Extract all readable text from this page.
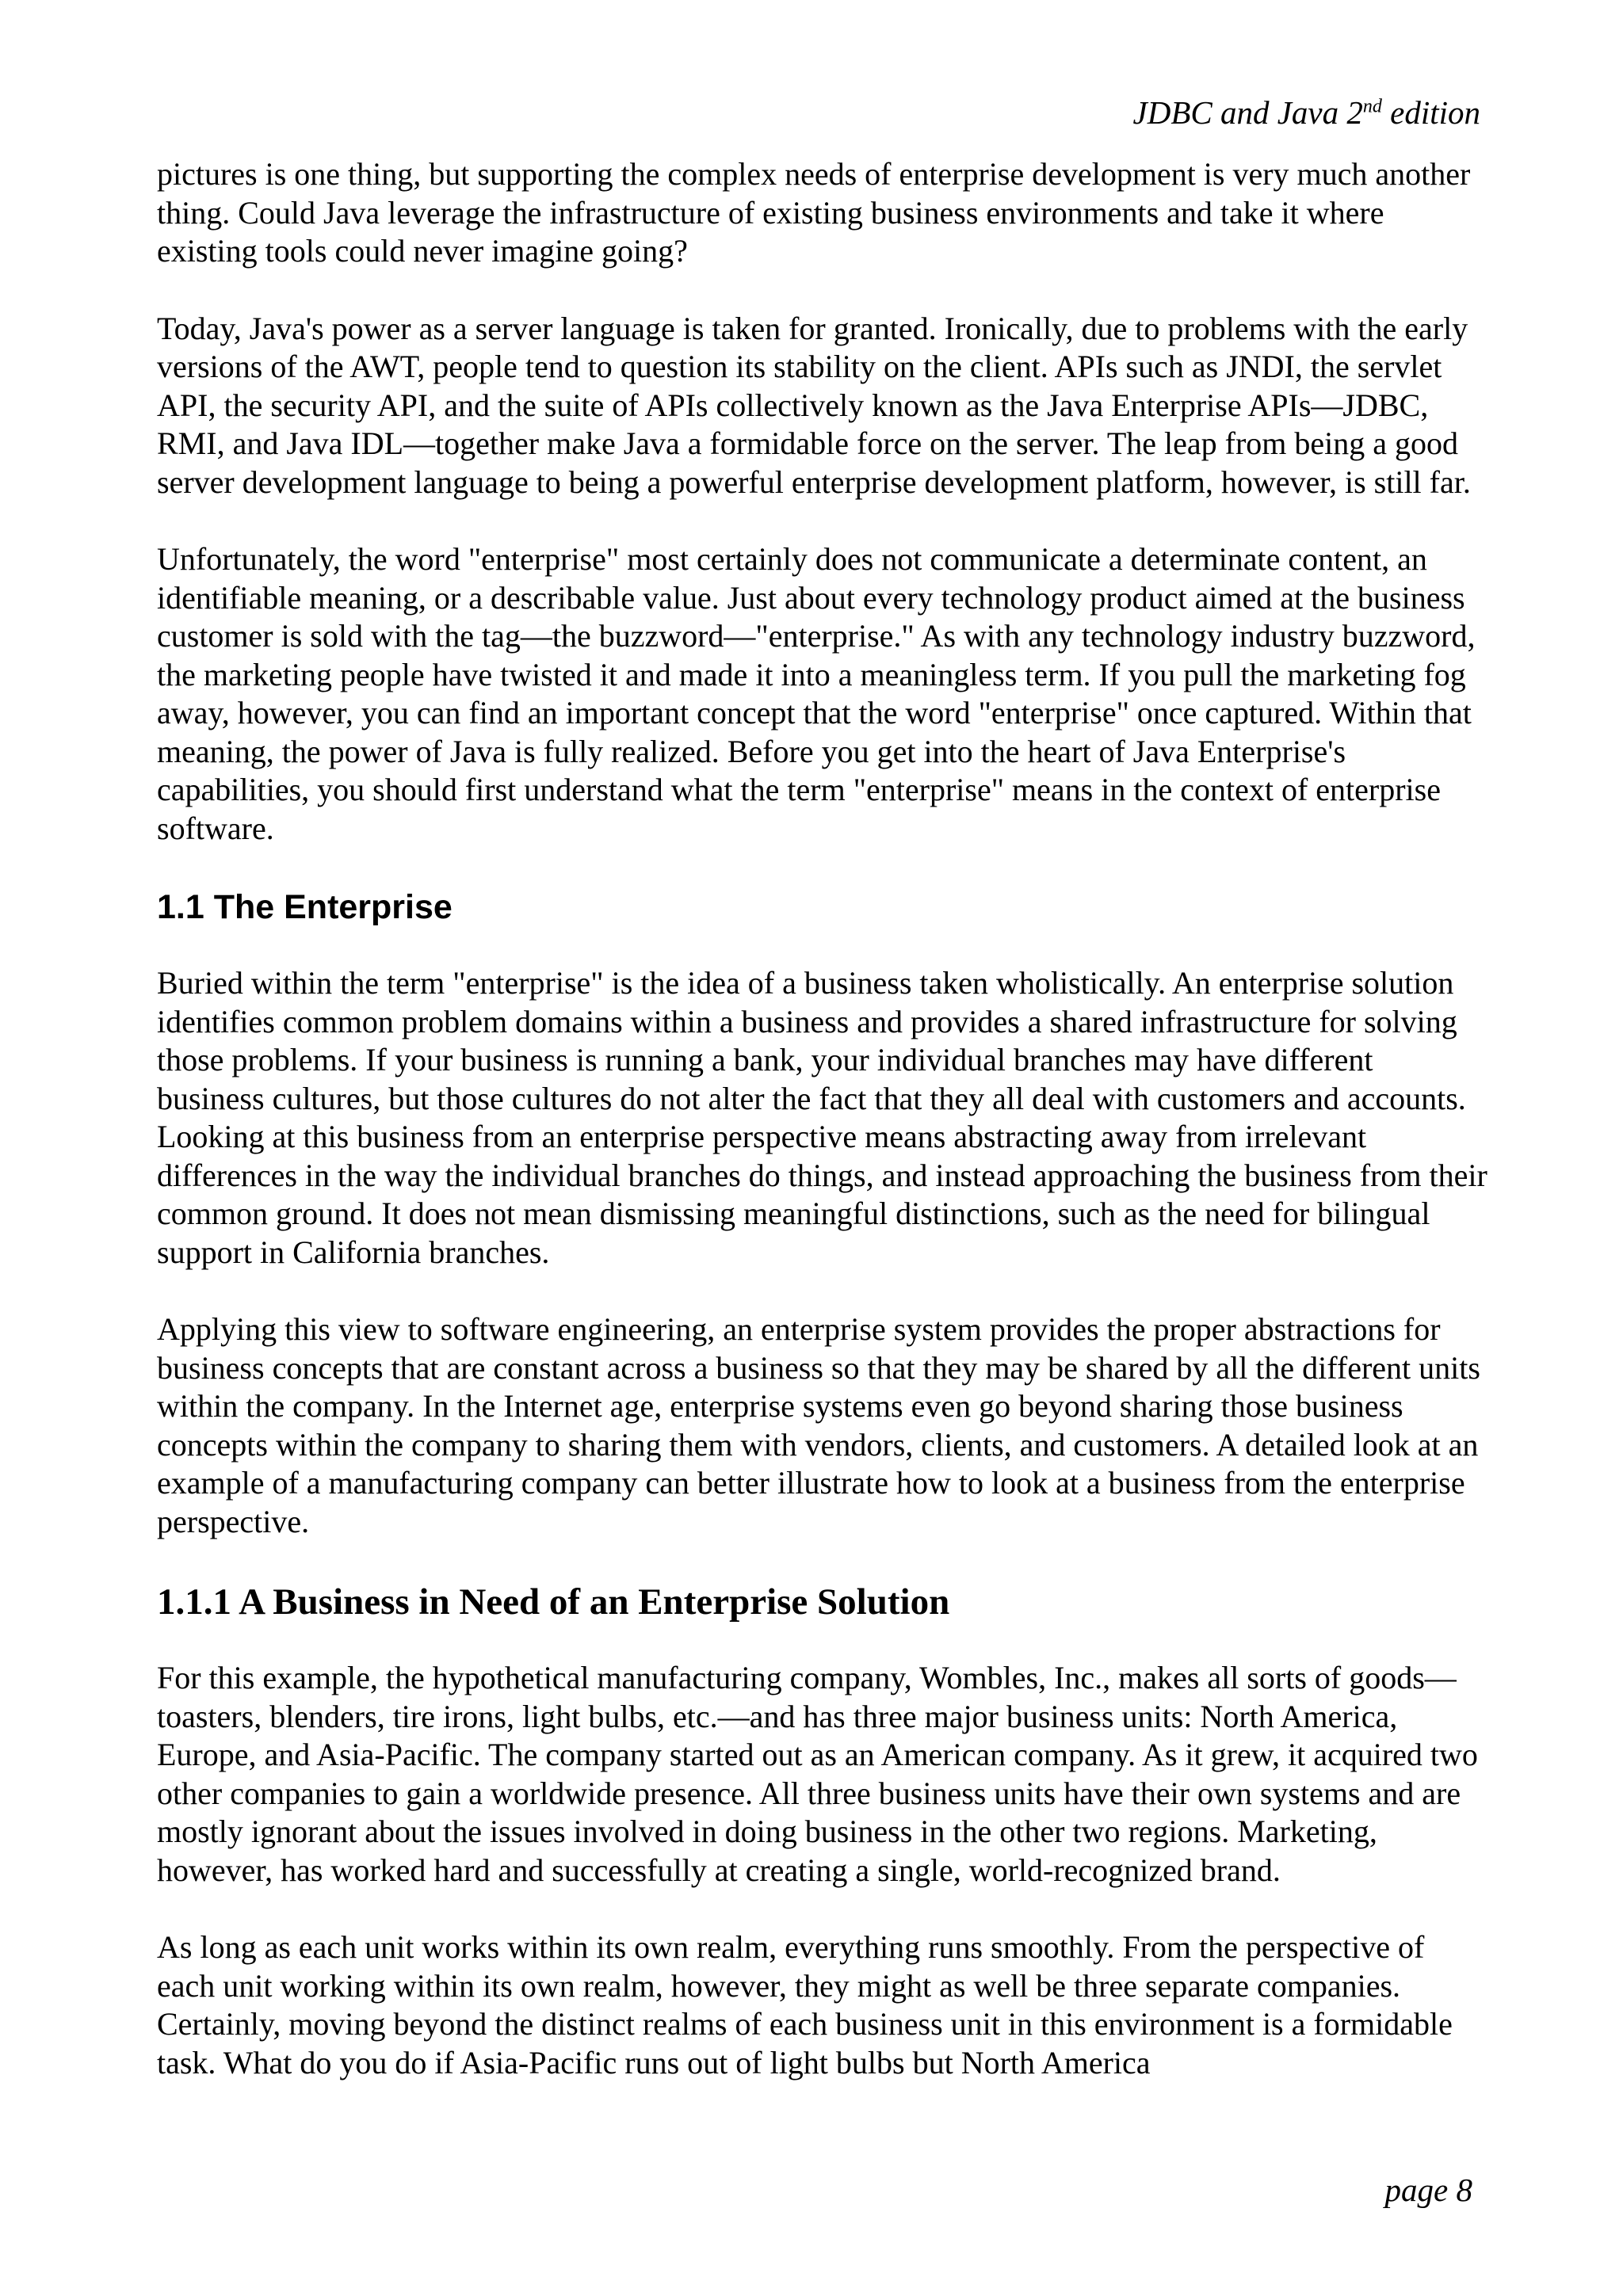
JDBC and Java 2nd edition

pictures is one thing, but supporting the complex needs of enterprise development is very much another thing. Could Java leverage the infrastructure of existing business environments and take it where existing tools could never imagine going?

Today, Java's power as a server language is taken for granted. Ironically, due to problems with the early versions of the AWT, people tend to question its stability on the client. APIs such as JNDI, the servlet API, the security API, and the suite of APIs collectively known as the Java Enterprise APIs—JDBC, RMI, and Java IDL—together make Java a formidable force on the server. The leap from being a good server development language to being a powerful enterprise development platform, however, is still far.

Unfortunately, the word "enterprise" most certainly does not communicate a determinate content, an identifiable meaning, or a describable value. Just about every technology product aimed at the business customer is sold with the tag—the buzzword—"enterprise." As with any technology industry buzzword, the marketing people have twisted it and made it into a meaningless term. If you pull the marketing fog away, however, you can find an important concept that the word "enterprise" once captured. Within that meaning, the power of Java is fully realized. Before you get into the heart of Java Enterprise's capabilities, you should first understand what the term "enterprise" means in the context of enterprise software.

1.1 The Enterprise

Buried within the term "enterprise" is the idea of a business taken wholistically. An enterprise solution identifies common problem domains within a business and provides a shared infrastructure for solving those problems. If your business is running a bank, your individual branches may have different business cultures, but those cultures do not alter the fact that they all deal with customers and accounts. Looking at this business from an enterprise perspective means abstracting away from irrelevant differences in the way the individual branches do things, and instead approaching the business from their common ground. It does not mean dismissing meaningful distinctions, such as the need for bilingual support in California branches.

Applying this view to software engineering, an enterprise system provides the proper abstractions for business concepts that are constant across a business so that they may be shared by all the different units within the company. In the Internet age, enterprise systems even go beyond sharing those business concepts within the company to sharing them with vendors, clients, and customers. A detailed look at an example of a manufacturing company can better illustrate how to look at a business from the enterprise perspective.

1.1.1 A Business in Need of an Enterprise Solution

For this example, the hypothetical manufacturing company, Wombles, Inc., makes all sorts of goods—toasters, blenders, tire irons, light bulbs, etc.—and has three major business units: North America, Europe, and Asia-Pacific. The company started out as an American company. As it grew, it acquired two other companies to gain a worldwide presence. All three business units have their own systems and are mostly ignorant about the issues involved in doing business in the other two regions. Marketing, however, has worked hard and successfully at creating a single, world-recognized brand.

As long as each unit works within its own realm, everything runs smoothly. From the perspective of each unit working within its own realm, however, they might as well be three separate companies. Certainly, moving beyond the distinct realms of each business unit in this environment is a formidable task. What do you do if Asia-Pacific runs out of light bulbs but North America

page 8
